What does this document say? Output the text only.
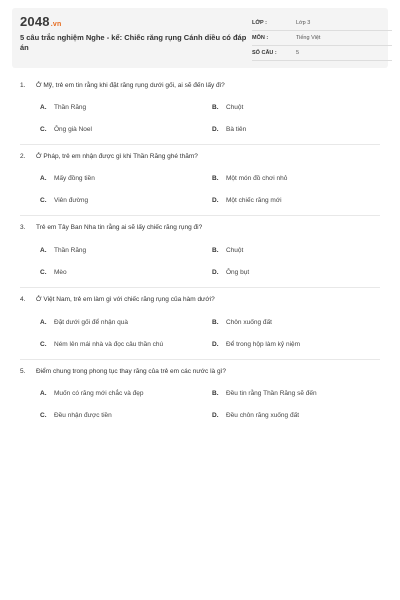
2048.vn
5 câu trắc nghiệm Nghe - kể: Chiếc răng rụng Cánh diều có đáp án
LỚP :	Lớp 3
MÔN :	Tiếng Việt
SỐ CÂU :	5
1. Ở Mỹ, trẻ em tin rằng khi đặt răng rụng dưới gối, ai sẽ đến lấy đi?
A. Thần Răng	B. Chuột
C. Ông già Noel	D. Bà tiên
2. Ở Pháp, trẻ em nhận được gì khi Thần Răng ghé thăm?
A. Mấy đồng tiền	B. Một món đồ chơi nhỏ
C. Viên đường	D. Một chiếc răng mới
3. Trẻ em Tây Ban Nha tin rằng ai sẽ lấy chiếc răng rụng đi?
A. Thần Răng	B. Chuột
C. Mèo	D. Ông bụt
4. Ở Việt Nam, trẻ em làm gì với chiếc răng rụng của hàm dưới?
A. Đặt dưới gối để nhận quà	B. Chôn xuống đất
C. Ném lên mái nhà và đọc câu thần chú	D. Để trong hộp làm kỷ niệm
5. Điểm chung trong phong tục thay răng của trẻ em các nước là gì?
A. Muốn có răng mới chắc và đẹp	B. Đều tin rằng Thần Răng sẽ đến
C. Đều nhận được tiền	D. Đều chôn răng xuống đất
